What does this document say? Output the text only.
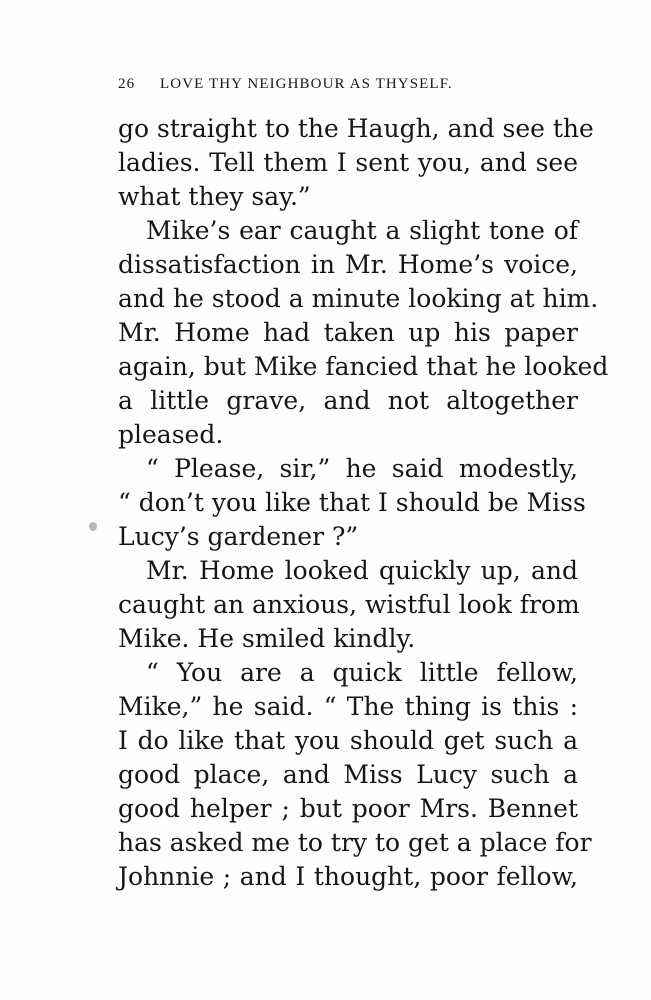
26 LOVE THY NEIGHBOUR AS THYSELF.
go straight to the Haugh, and see the
ladies. Tell them I sent you, and see
what they say.”
Mike’s ear caught a slight tone of
dissatisfaction in Mr. Home’s voice,
and he stood a minute looking at him.
Mr. Home had taken up his paper
again, but Mike fancied that he looked
a little grave, and not altogether
pleased.
“ Please, sir,” he said modestly,
“ don’t you like that I should be Miss
Lucy’s gardener ?”
Mr. Home looked quickly up, and
caught an anxious, wistful look from
Mike. He smiled kindly.
“ You are a quick little fellow,
Mike,” he said. “ The thing is this :
I do like that you should get such a
good place, and Miss Lucy such a
good helper ; but poor Mrs. Bennet
has asked me to try to get a place for
Johnnie ; and I thought, poor fellow,
